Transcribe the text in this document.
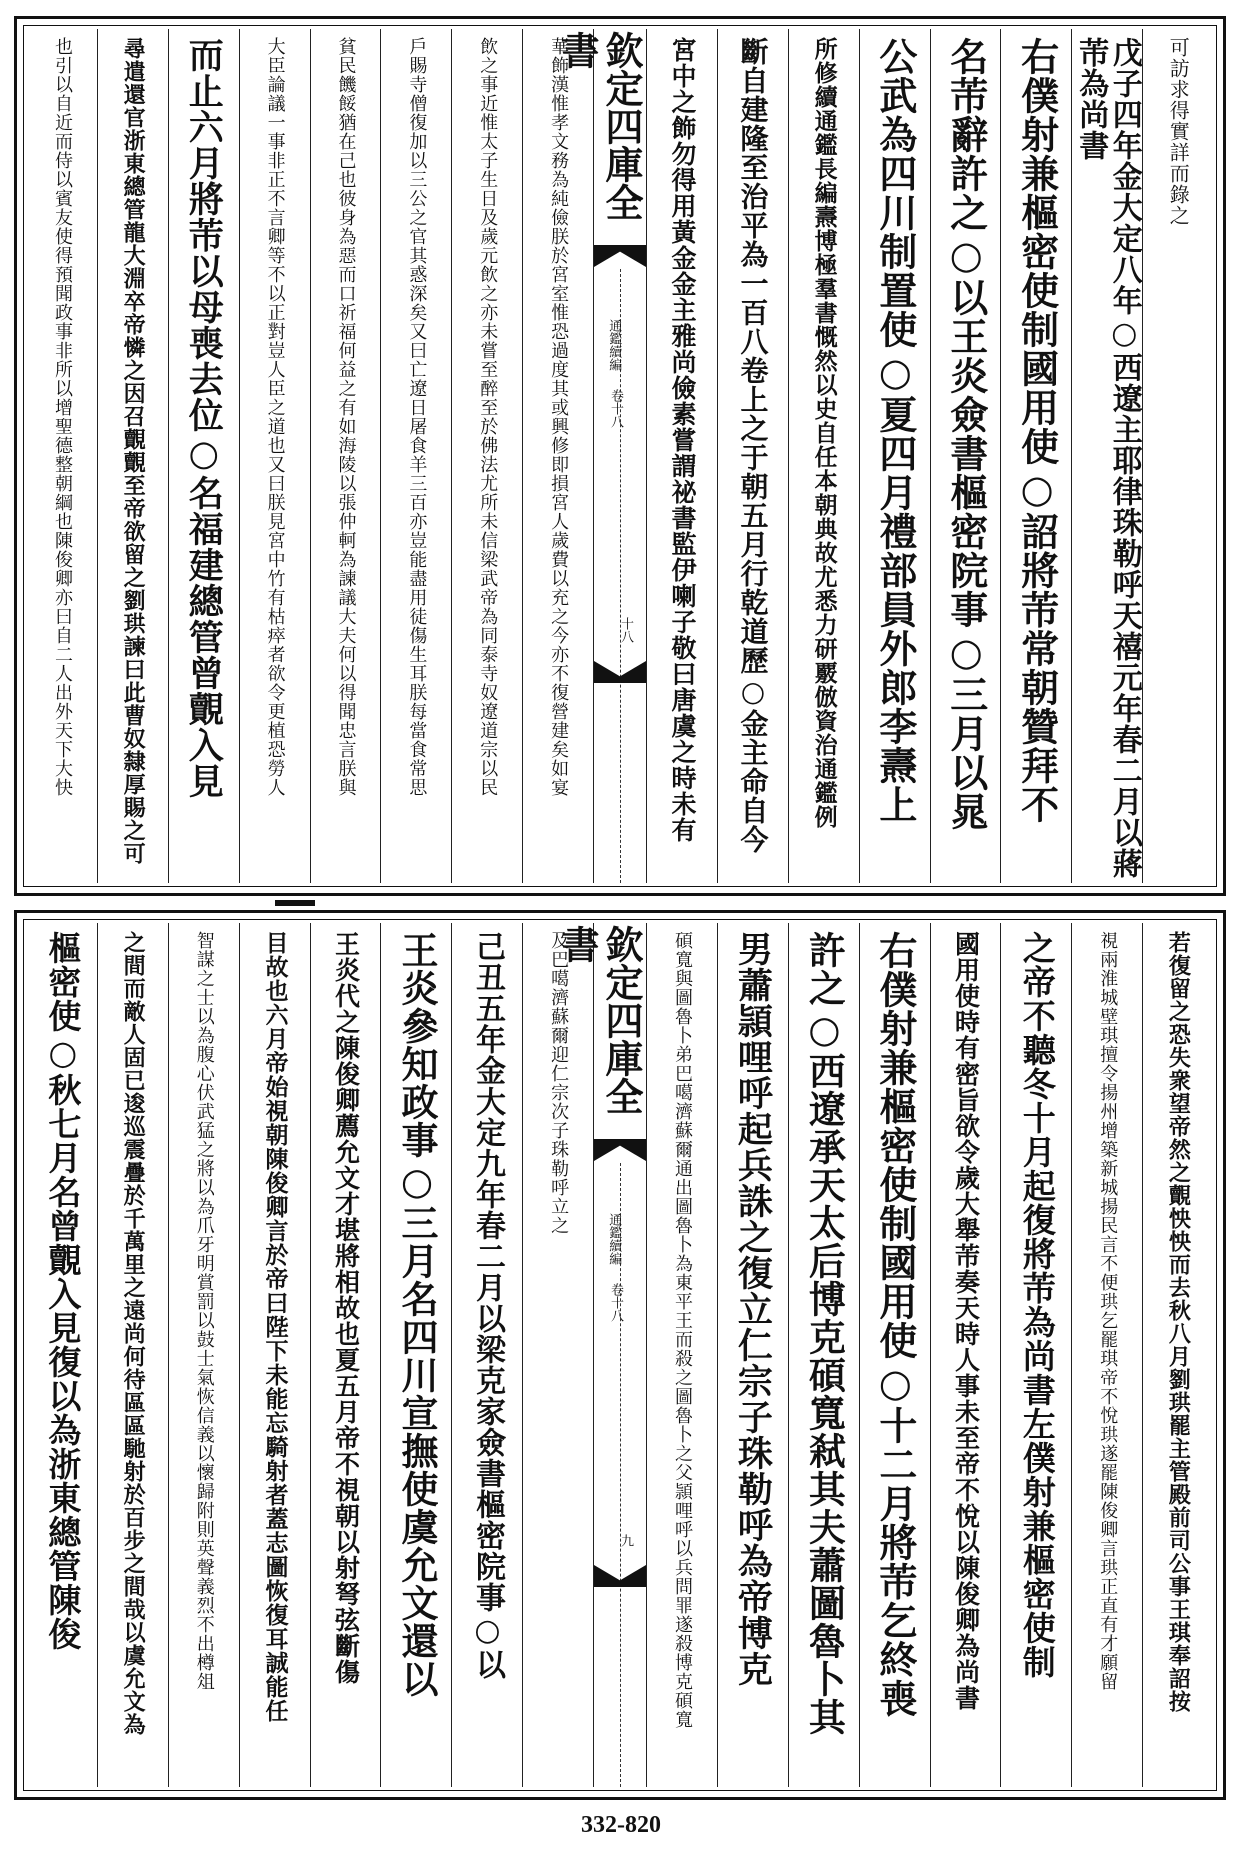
可訪求得實詳而錄之
戊子四年金大定八年○西遼主耶律珠勒呼天禧元年春二月以蔣芾為尚書
右僕射兼樞密使制國用使○詔將芾常朝贊拜不
名芾辭許之○以王炎僉書樞密院事○三月以晁
公武為四川制置使○夏四月禮部員外郎李燾上
所修續通鑑長編燾博極羣書慨然以史自任本朝典故尤悉力研覈倣資治通鑑例
斷自建隆至治平為一百八卷上之于朝五月行乾道歷○金主命自今
宮中之飾勿得用黃金金主雅尚儉素嘗謂祕書監伊喇子敬曰唐虞之時未有
欽定四庫全書
通鑑續編
卷十八
十八
華飾漢惟孝文務為純儉朕於宮室惟恐過度其或興修即損宮人歲費以充之今亦不復營建矣如宴
飲之事近惟太子生日及歲元飲之亦未嘗至醉至於佛法尤所未信梁武帝為同泰寺奴遼道宗以民
戶賜寺僧復加以三公之官其惑深矣又曰亡遼日屠食羊三百亦豈能盡用徒傷生耳朕每當食常思
貧民饑餒猶在己也彼身為惡而口祈福何益之有如海陵以張仲軻為諫議大夫何以得聞忠言朕與
大臣論議一事非正不言卿等不以正對豈人臣之道也又曰朕見宮中竹有枯瘁者欲令更植恐勞人
而止六月將芾以母喪去位○名福建總管曾覿入見
尋遣還官浙東總管龍大淵卒帝憐之因召覿覿至帝欲留之劉珙諫曰此曹奴隸厚賜之可
也引以自近而侍以賓友使得預聞政事非所以增聖德整朝綱也陳俊卿亦曰自二人出外天下大快
若復留之恐失衆望帝然之覿怏怏而去秋八月劉珙罷主管殿前司公事王琪奉詔按
視兩淮城壁琪擅令揚州增築新城揚民言不便珙乞罷琪帝不悅珙遂罷陳俊卿言珙正直有才願留
之帝不聽冬十月起復將芾為尚書左僕射兼樞密使制
國用使時有密旨欲令歲大舉芾奏天時人事未至帝不悅以陳俊卿為尚書
右僕射兼樞密使制國用使○十二月將芾乞終喪
許之○西遼承天太后博克碩寬弒其夫蕭圖魯卜其
男蕭頴哩呼起兵誅之復立仁宗子珠勒呼為帝博克
碩寬與圖魯卜弟巴噶濟蘇爾通出圖魯卜為東平王而殺之圖魯卜之父頴哩呼以兵問罪遂殺博克碩寬
欽定四庫全書
通鑑續編
卷十八
九
及巴噶濟蘇爾迎仁宗次子珠勒呼立之
己丑五年金大定九年春二月以梁克家僉書樞密院事○以
王炎參知政事○三月名四川宣撫使虞允文還以
王炎代之陳俊卿薦允文才堪將相故也夏五月帝不視朝以射弩弦斷傷
目故也六月帝始視朝陳俊卿言於帝曰陛下未能忘騎射者蓋志圖恢復耳誠能任
智謀之士以為腹心伏武猛之將以為爪牙明賞罰以鼓士氣恢信義以懷歸附則英聲義烈不出樽俎
之間而敵人固已逡巡震疊於千萬里之遠尚何待區區馳射於百步之間哉以虞允文為
樞密使○秋七月名曾覿入見復以為浙東總管陳俊
332-820
